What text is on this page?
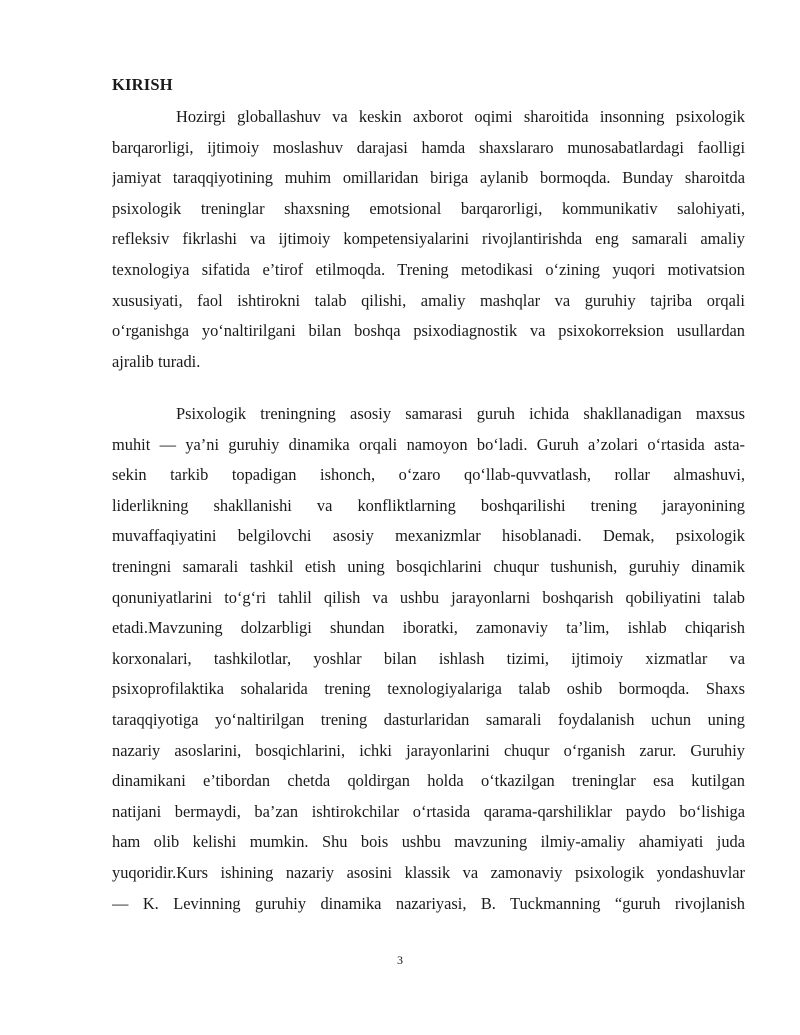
KIRISH
Hozirgi globallashuv va keskin axborot oqimi sharoitida insonning psixologik
barqarorligi, ijtimoiy moslashuv darajasi hamda shaxslararo munosabatlardagi faolligi
jamiyat taraqqiyotining muhim omillaridan biriga aylanib bormoqda. Bunday sharoitda
psixologik treninglar shaxsning emotsional barqarorligi, kommunikativ salohiyati,
refleksiv fikrlashi va ijtimoiy kompetensiyalarini rivojlantirishda eng samarali amaliy
texnologiya sifatida e’tirof etilmoqda. Trening metodikasi o‘zining yuqori motivatsion
xususiyati, faol ishtirokni talab qilishi, amaliy mashqlar va guruhiy tajriba orqali
o‘rganishga yo‘naltirilgani bilan boshqa psixodiagnostik va psixokorreksion usullardan
ajralib turadi.
Psixologik treningning asosiy samarasi guruh ichida shakllanadigan maxsus
muhit — ya’ni guruhiy dinamika orqali namoyon bo‘ladi. Guruh a’zolari o‘rtasida asta-
sekin tarkib topadigan ishonch, o‘zaro qo‘llab-quvvatlash, rollar almashuvi,
liderlikning shakllanishi va konfliktlarning boshqarilishi trening jarayonining
muvaffaqiyatini belgilovchi asosiy mexanizmlar hisoblanadi. Demak, psixologik
treningni samarali tashkil etish uning bosqichlarini chuqur tushunish, guruhiy dinamik
qonuniyatlarini to‘g‘ri tahlil qilish va ushbu jarayonlarni boshqarish qobiliyatini talab
etadi.Mavzuning dolzarbligi shundan iboratki, zamonaviy ta’lim, ishlab chiqarish
korxonalari, tashkilotlar, yoshlar bilan ishlash tizimi, ijtimoiy xizmatlar va
psixoprofilaktika sohalarida trening texnologiyalariga talab oshib bormoqda. Shaxs
taraqqiyotiga yo‘naltirilgan trening dasturlaridan samarali foydalanish uchun uning
nazariy asoslarini, bosqichlarini, ichki jarayonlarini chuqur o‘rganish zarur. Guruhiy
dinamikani e’tibordan chetda qoldirgan holda o‘tkazilgan treninglar esa kutilgan
natijani bermaydi, ba’zan ishtirokchilar o‘rtasida qarama-qarshiliklar paydo bo‘lishiga
ham olib kelishi mumkin. Shu bois ushbu mavzuning ilmiy-amaliy ahamiyati juda
yuqoridir.Kurs ishining nazariy asosini klassik va zamonaviy psixologik yondashuvlar
— K. Levinning guruhiy dinamika nazariyasi, B. Tuckmanning “guruh rivojlanish

3
